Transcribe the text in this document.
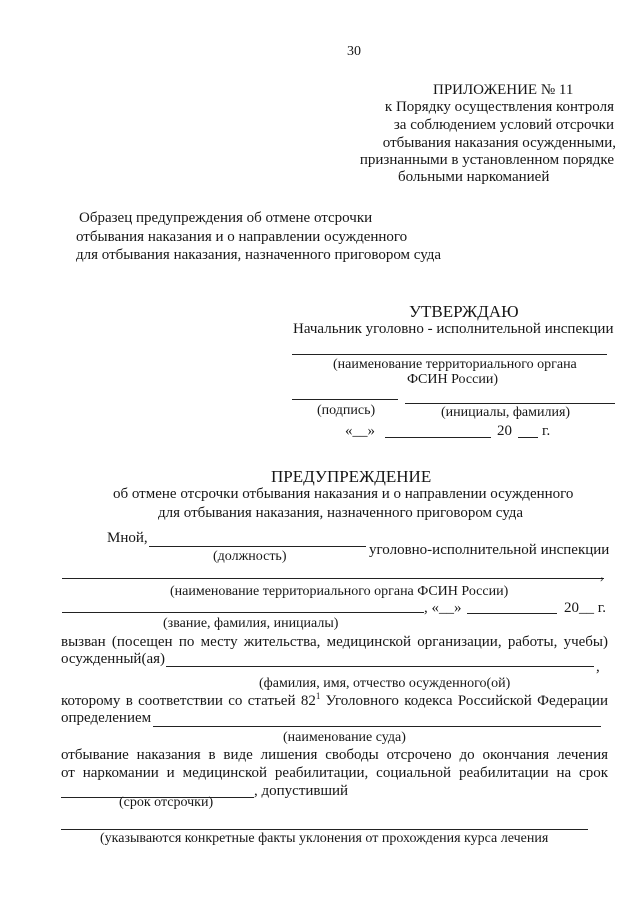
30
ПРИЛОЖЕНИЕ № 11
к Порядку осуществления контроля
за соблюдением условий отсрочки
отбывания наказания осужденными,
признанными в установленном порядке
больными наркоманией
Образец предупреждения об отмене отсрочки
отбывания наказания и о направлении осужденного
для отбывания наказания, назначенного приговором суда
УТВЕРЖДАЮ
Начальник уголовно - исполнительной инспекции
(наименование территориального органа
ФСИН России)
(подпись)	(инициалы, фамилия)
«__»	20 г.
ПРЕДУПРЕЖДЕНИЕ
об отмене отсрочки отбывания наказания и о направлении осужденного
для отбывания наказания, назначенного приговором суда
Мной,
уголовно-исполнительной инспекции
(должность)
,
(наименование территориального органа ФСИН России)
, «__»	20__ г.
(звание, фамилия, инициалы)
вызван (посещен по месту жительства, медицинской организации, работы, учебы)
осужденный(ая)	,
(фамилия, имя, отчество осужденного(ой)
которому в соответствии со статьей $82^1$ Уголовного кодекса Российской Федерации
определением
(наименование суда)
отбывание наказания в виде лишения свободы отсрочено до окончания лечения
от наркомании и медицинской реабилитации, социальной реабилитации на срок
, допустивший
(срок отсрочки)
(указываются конкретные факты уклонения от прохождения курса лечения
